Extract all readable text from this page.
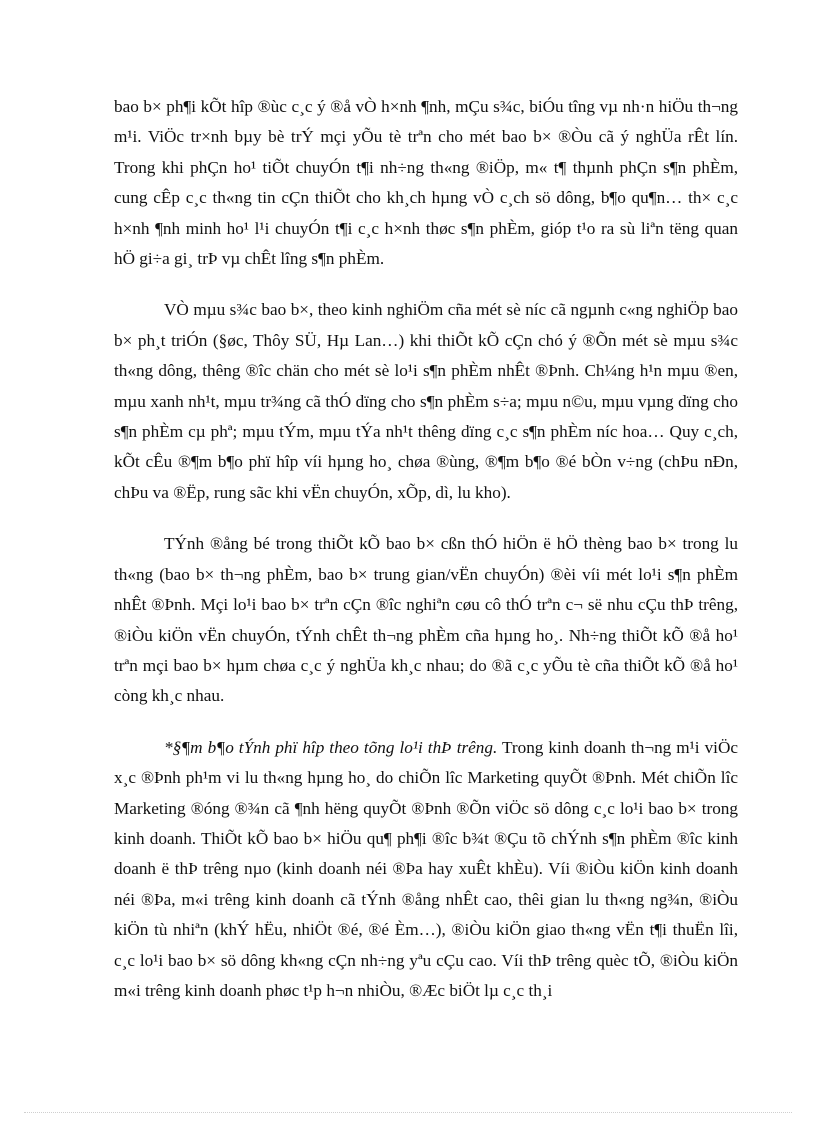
bao b× ph¶i kÕt hîp ®ùc c¸c ý ®å vÒ h×nh ¶nh, mÇu s¾c, biÓu tîng vµ nh·n hiÖu th¬ng m¹i. ViÖc tr×nh bµy bè trÝ mçi yÕu tè trªn cho mét bao b× ®Òu cã ý nghÜa rÊt lín. Trong khi phÇn ho¹ tiÕt chuyÓn t¶i nh÷ng th«ng ®iÖp, m« t¶ thµnh phÇn s¶n phÈm, cung cÊp c¸c th«ng tin cÇn thiÕt cho kh¸ch hµng vÒ c¸ch sö dông, b¶o qu¶n… th× c¸c h×nh ¶nh minh ho¹ l¹i chuyÓn t¶i c¸c h×nh thøc s¶n phÈm, gióp t¹o ra sù liªn tëng quan hÖ gi÷a gi¸ trÞ vµ chÊt lîng s¶n phÈm.

VÒ mµu s¾c bao b×, theo kinh nghiÖm cña mét sè níc cã ngµnh c«ng nghiÖp bao b× ph¸t triÓn (§øc, Thôy SÜ, Hµ Lan…) khi thiÕt kÕ cÇn chó ý ®Õn mét sè mµu s¾c th«ng dông, thêng ®îc chän cho mét sè lo¹i s¶n phÈm nhÊt ®Þnh. Ch¼ng h¹n mµu ®en, mµu xanh nh¹t, mµu tr¾ng cã thÓ dïng cho s¶n phÈm s÷a; mµu n©u, mµu vµng dïng cho s¶n phÈm cµ phª; mµu tÝm, mµu tÝa nh¹t thêng dïng c¸c s¶n phÈm níc hoa… Quy c¸ch, kÕt cÊu ®¶m b¶o phï hîp víi hµng ho¸ chøa ®ùng, ®¶m b¶o ®é bÒn v÷ng (chÞu nÐn, chÞu va ®Ëp, rung sãc khi vËn chuyÓn, xÕp, dì, lu kho).

TÝnh ®ång bé trong thiÕt kÕ bao b× cßn thÓ hiÖn ë hÖ thèng bao b× trong lu th«ng (bao b× th¬ng phÈm, bao b× trung gian/vËn chuyÓn) ®èi víi mét lo¹i s¶n phÈm nhÊt ®Þnh. Mçi lo¹i bao b× trªn cÇn ®îc nghiªn cøu cô thÓ trªn c¬ së nhu cÇu thÞ trêng, ®iÒu kiÖn vËn chuyÓn, tÝnh chÊt th¬ng phÈm cña hµng ho¸. Nh÷ng thiÕt kÕ ®å ho¹ trªn mçi bao b× hµm chøa c¸c ý nghÜa kh¸c nhau; do ®ã c¸c yÕu tè cña thiÕt kÕ ®å ho¹ còng kh¸c nhau.

*§¶m b¶o tÝnh phï hîp theo tõng lo¹i thÞ trêng. Trong kinh doanh th¬ng m¹i viÖc x¸c ®Þnh ph¹m vi lu th«ng hµng ho¸ do chiÕn lîc Marketing quyÕt ®Þnh. Mét chiÕn lîc Marketing ®óng ®¾n cã ¶nh hëng quyÕt ®Þnh ®Õn viÖc sö dông c¸c lo¹i bao b× trong kinh doanh. ThiÕt kÕ bao b× hiÖu qu¶ ph¶i ®îc b¾t ®Çu tõ chÝnh s¶n phÈm ®îc kinh doanh ë thÞ trêng nµo (kinh doanh néi ®Þa hay xuÊt khÈu). Víi ®iÒu kiÖn kinh doanh néi ®Þa, m«i trêng kinh doanh cã tÝnh ®ång nhÊt cao, thêi gian lu th«ng ng¾n, ®iÒu kiÖn tù nhiªn (khÝ hËu, nhiÖt ®é, ®é Èm…), ®iÒu kiÖn giao th«ng vËn t¶i thuËn lîi, c¸c lo¹i bao b× sö dông kh«ng cÇn nh÷ng yªu cÇu cao. Víi thÞ trêng quèc tÕ, ®iÒu kiÖn m«i trêng kinh doanh phøc t¹p h¬n nhiÒu, ®Æc biÖt lµ c¸c th¸i
